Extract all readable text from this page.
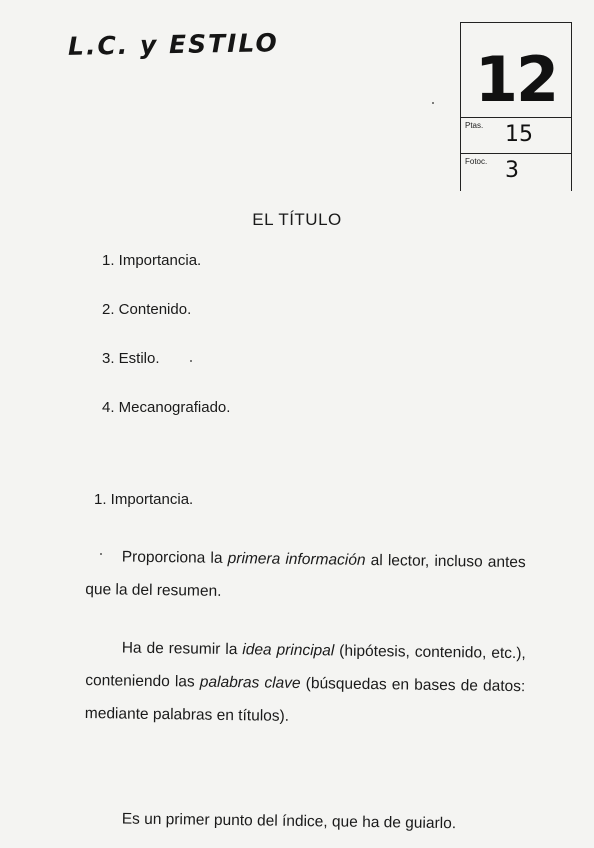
L.C. y ESTILO	12
Ptas. 15
Fotoc. 3
EL TÍTULO
1. Importancia.
2. Contenido.
3. Estilo.
4. Mecanografiado.
1. Importancia.
Proporciona la primera información al lector, incluso antes que la del resumen.
Ha de resumir la idea principal (hipótesis, contenido, etc.), conteniendo las palabras clave (búsquedas en bases de datos: mediante palabras en títulos).
Es un primer punto del índice, que ha de guiarlo.
